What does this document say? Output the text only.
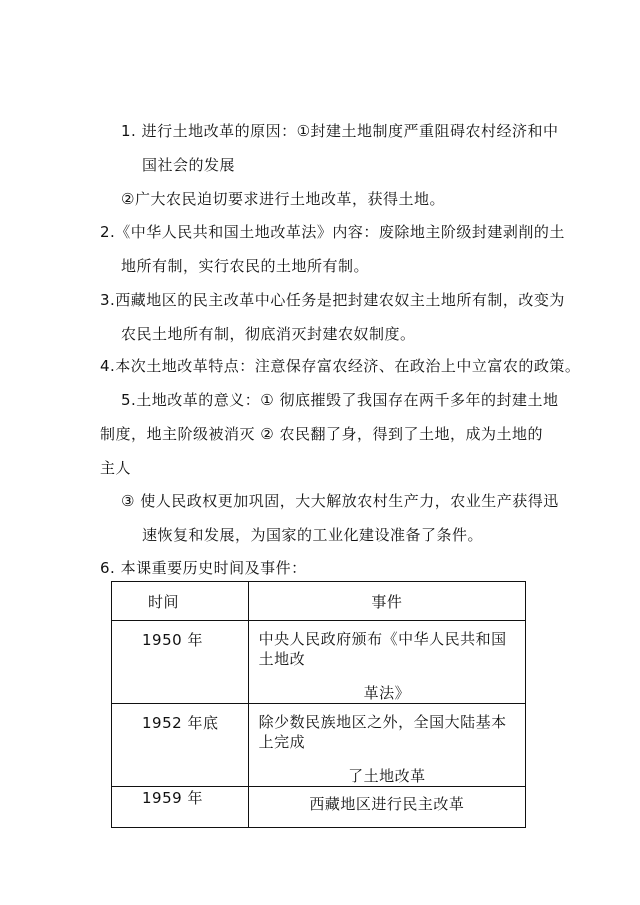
1. 进行土地改革的原因：①封建土地制度严重阻碍农村经济和中
国社会的发展
②广大农民迫切要求进行土地改革，获得土地。
2.《中华人民共和国土地改革法》内容：废除地主阶级封建剥削的土
地所有制，实行农民的土地所有制。
3.西藏地区的民主改革中心任务是把封建农奴主土地所有制，改变为
农民土地所有制，彻底消灭封建农奴制度。
4.本次土地改革特点：注意保存富农经济、在政治上中立富农的政策。
5.土地改革的意义：① 彻底摧毁了我国存在两千多年的封建土地
制度，地主阶级被消灭 ② 农民翻了身，得到了土地，成为土地的
主人
③ 使人民政权更加巩固，大大解放农村生产力，农业生产获得迅
速恢复和发展，为国家的工业化建设准备了条件。
6. 本课重要历史时间及事件：
时间	事件
1950 年	中央人民政府颁布《中华人民共和国土地改
革法》

1952 年底	除少数民族地区之外，全国大陆基本上完成
了土地改革

1959 年	西藏地区进行民主改革
